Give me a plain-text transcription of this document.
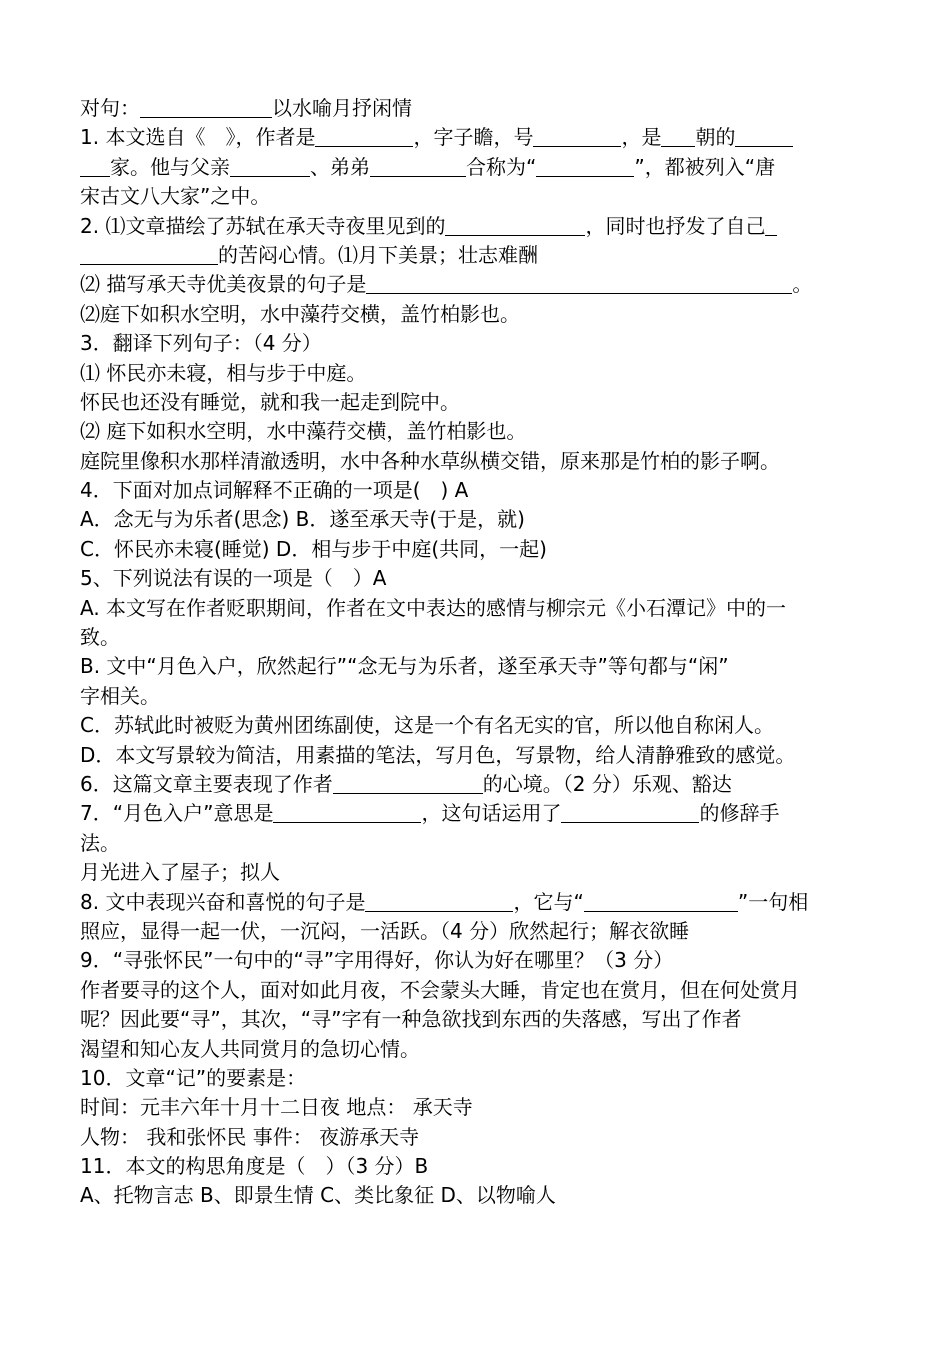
对句：	以水喻月抒闲情
1. 本文选自《　》，作者是	，字子瞻，号	，是 朝的
家。他与父亲	、弟弟	合称为“	”，都被列入“唐
宋古文八大家”之中。
2. ⑴文章描绘了苏轼在承天寺夜里见到的	，同时也抒发了自己
的苦闷心情。⑴月下美景；壮志难酬
⑵ 描写承天寺优美夜景的句子是	。
⑵庭下如积水空明，水中藻荇交横，盖竹柏影也。
3．翻译下列句子：（4 分）
⑴ 怀民亦未寝，相与步于中庭。
怀民也还没有睡觉，就和我一起走到院中。
⑵ 庭下如积水空明，水中藻荇交横，盖竹柏影也。
庭院里像积水那样清澈透明，水中各种水草纵横交错，原来那是竹柏的影子啊。
4．下面对加点词解释不正确的一项是(　) A
A．念无与为乐者(思念) B．遂至承天寺(于是，就)
C．怀民亦未寝(睡觉) D．相与步于中庭(共同，一起)
5、下列说法有误的一项是（　）A
A. 本文写在作者贬职期间，作者在文中表达的感情与柳宗元《小石潭记》中的一
致。
B. 文中“月色入户，欣然起行”“念无与为乐者，遂至承天寺”等句都与“闲”
字相关。
C．苏轼此时被贬为黄州团练副使，这是一个有名无实的官，所以他自称闲人。
D．本文写景较为简洁，用素描的笔法，写月色，写景物，给人清静雅致的感觉。
6．这篇文章主要表现了作者	的心境。（2 分）乐观、豁达
7．“月色入户”意思是	，这句话运用了	的修辞手
法。
月光进入了屋子；拟人
8. 文中表现兴奋和喜悦的句子是	，它与“	”一句相
照应，显得一起一伏，一沉闷，一活跃。（4 分）欣然起行；解衣欲睡
9．“寻张怀民”一句中的“寻”字用得好，你认为好在哪里？（3 分）
作者要寻的这个人，面对如此月夜，不会蒙头大睡，肯定也在赏月，但在何处赏月
呢？因此要“寻”，其次，“寻”字有一种急欲找到东西的失落感，写出了作者
渴望和知心友人共同赏月的急切心情。
10．文章“记”的要素是：
时间：元丰六年十月十二日夜 地点： 承天寺
人物： 我和张怀民 事件： 夜游承天寺
11．本文的构思角度是（　）（3 分）B
A、托物言志 B、即景生情 C、类比象征 D、以物喻人
